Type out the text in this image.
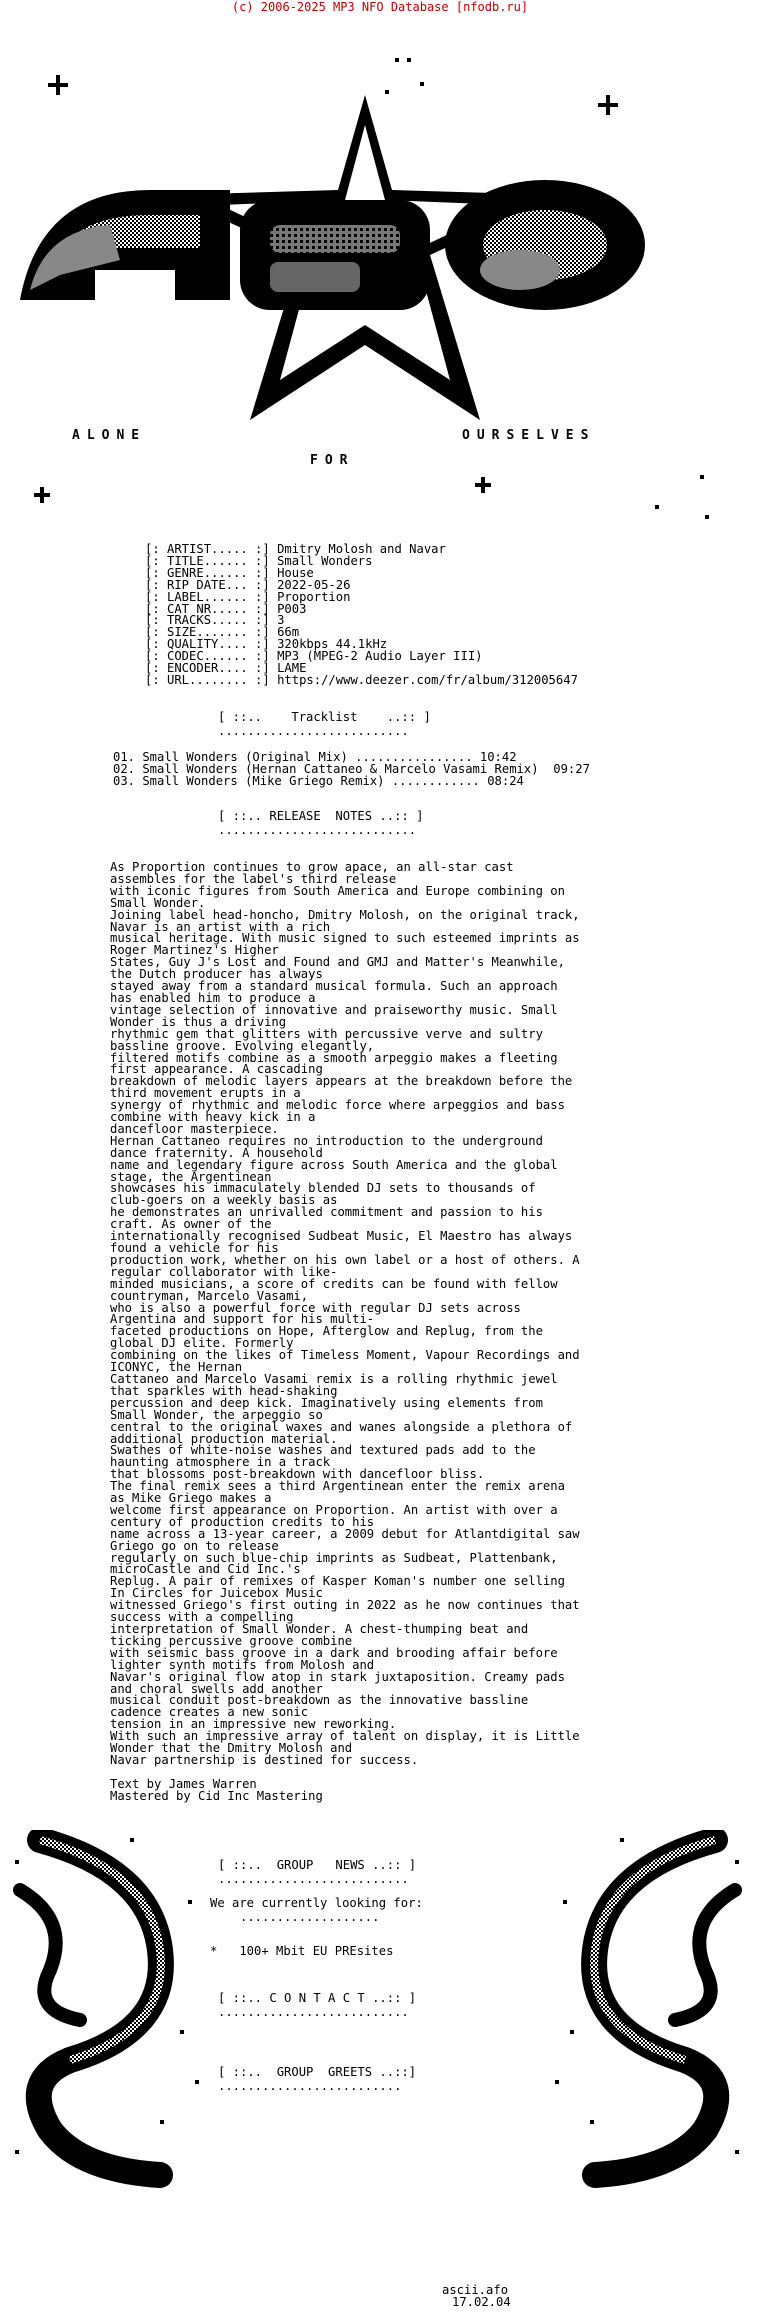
(c) 2006-2025 MP3 NFO Database [nfodb.ru]
ALONE
FOR
OURSELVES
[: ARTIST..... :] Dmitry Molosh and Navar
[: TITLE...... :] Small Wonders
[: GENRE...... :] House
[: RIP DATE... :] 2022-05-26
[: LABEL...... :] Proportion
[: CAT NR..... :] P003
[: TRACKS..... :] 3
[: SIZE....... :] 66m
[: QUALITY.... :] 320kbps 44.1kHz
[: CODEC...... :] MP3 (MPEG-2 Audio Layer III)
[: ENCODER.... :] LAME
[: URL........ :] https://www.deezer.com/fr/album/312005647
[ ::..    Tracklist    ..:: ]
..........................
01. Small Wonders (Original Mix) ................ 10:42
02. Small Wonders (Hernan Cattaneo & Marcelo Vasami Remix)  09:27
03. Small Wonders (Mike Griego Remix) ............ 08:24
[ ::.. RELEASE  NOTES ..:: ]
...........................
As Proportion continues to grow apace, an all-star cast
assembles for the label's third release
with iconic figures from South America and Europe combining on
Small Wonder.
Joining label head-honcho, Dmitry Molosh, on the original track,
Navar is an artist with a rich
musical heritage. With music signed to such esteemed imprints as
Roger Martinez's Higher
States, Guy J's Lost and Found and GMJ and Matter's Meanwhile,
the Dutch producer has always
stayed away from a standard musical formula. Such an approach
has enabled him to produce a
vintage selection of innovative and praiseworthy music. Small
Wonder is thus a driving
rhythmic gem that glitters with percussive verve and sultry
bassline groove. Evolving elegantly,
filtered motifs combine as a smooth arpeggio makes a fleeting
first appearance. A cascading
breakdown of melodic layers appears at the breakdown before the
third movement erupts in a
synergy of rhythmic and melodic force where arpeggios and bass
combine with heavy kick in a
dancefloor masterpiece.
Hernan Cattaneo requires no introduction to the underground
dance fraternity. A household
name and legendary figure across South America and the global
stage, the Argentinean
showcases his immaculately blended DJ sets to thousands of
club-goers on a weekly basis as
he demonstrates an unrivalled commitment and passion to his
craft. As owner of the
internationally recognised Sudbeat Music, El Maestro has always
found a vehicle for his
production work, whether on his own label or a host of others. A
regular collaborator with like-
minded musicians, a score of credits can be found with fellow
countryman, Marcelo Vasami,
who is also a powerful force with regular DJ sets across
Argentina and support for his multi-
faceted productions on Hope, Afterglow and Replug, from the
global DJ elite. Formerly
combining on the likes of Timeless Moment, Vapour Recordings and
ICONYC, the Hernan
Cattaneo and Marcelo Vasami remix is a rolling rhythmic jewel
that sparkles with head-shaking
percussion and deep kick. Imaginatively using elements from
Small Wonder, the arpeggio so
central to the original waxes and wanes alongside a plethora of
additional production material.
Swathes of white-noise washes and textured pads add to the
haunting atmosphere in a track
that blossoms post-breakdown with dancefloor bliss.
The final remix sees a third Argentinean enter the remix arena
as Mike Griego makes a
welcome first appearance on Proportion. An artist with over a
century of production credits to his
name across a 13-year career, a 2009 debut for Atlantdigital saw
Griego go on to release
regularly on such blue-chip imprints as Sudbeat, Plattenbank,
microCastle and Cid Inc.'s
Replug. A pair of remixes of Kasper Koman's number one selling
In Circles for Juicebox Music
witnessed Griego's first outing in 2022 as he now continues that
success with a compelling
interpretation of Small Wonder. A chest-thumping beat and
ticking percussive groove combine
with seismic bass groove in a dark and brooding affair before
lighter synth motifs from Molosh and
Navar's original flow atop in stark juxtaposition. Creamy pads
and choral swells add another
musical conduit post-breakdown as the innovative bassline
cadence creates a new sonic
tension in an impressive new reworking.
With such an impressive array of talent on display, it is Little
Wonder that the Dmitry Molosh and
Navar partnership is destined for success.
Text by James Warren
Mastered by Cid Inc Mastering
[ ::..  GROUP   NEWS ..:: ]
..........................
We are currently looking for:
...................
*   100+ Mbit EU PREsites
[ ::.. C O N T A C T ..:: ]
..........................
[ ::..  GROUP  GREETS ..::]
.........................
ascii.afo
17.02.04
